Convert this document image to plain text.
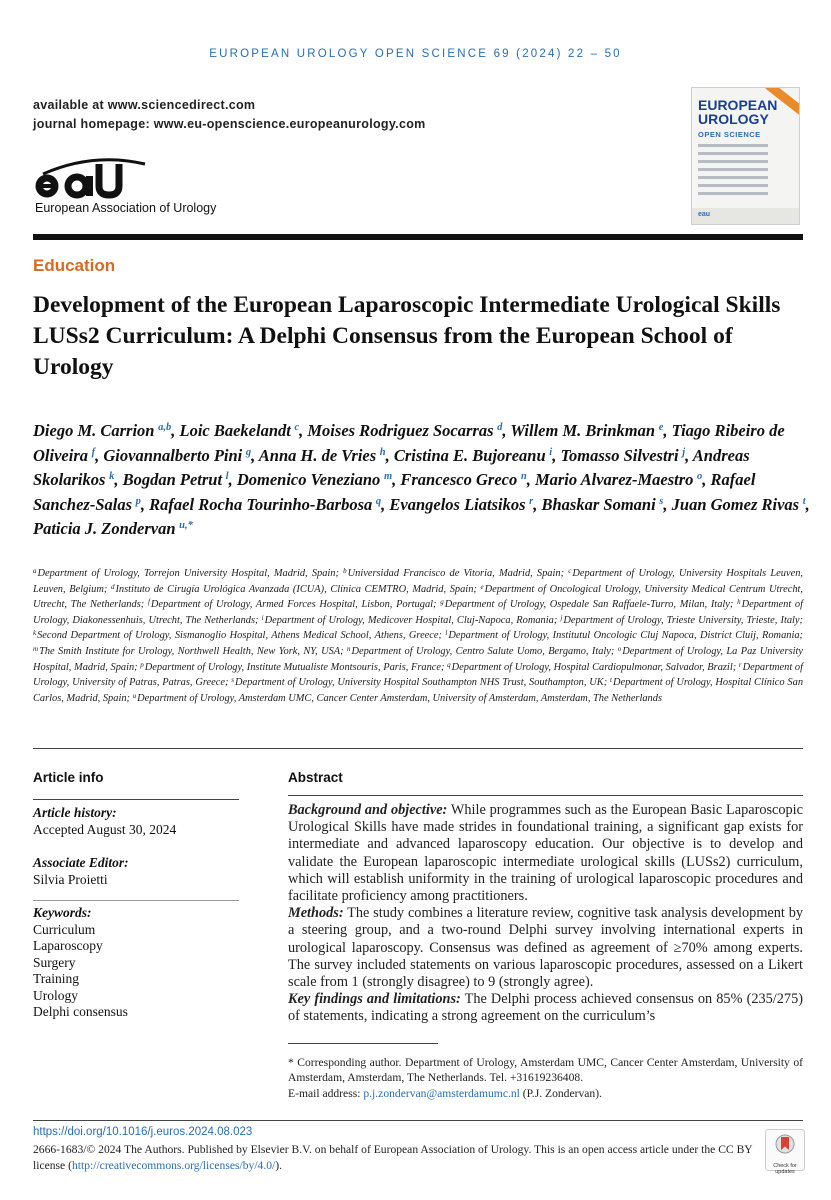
EUROPEAN UROLOGY OPEN SCIENCE 69 (2024) 22 – 50
available at www.sciencedirect.com
journal homepage: www.eu-openscience.europeanurology.com
European Association of Urology
EUROPEAN UROLOGY
OPEN SCIENCE
eau
Education
Development of the European Laparoscopic Intermediate Urological Skills LUSs2 Curriculum: A Delphi Consensus from the European School of Urology
Diego M. Carrion $^{a,b}$, Loic Baekelandt $^c$, Moises Rodriguez Socarras $^d$, Willem M. Brinkman $^e$, Tiago Ribeiro de Oliveira $^f$, Giovannalberto Pini $^g$, Anna H. de Vries $^h$, Cristina E. Bujoreanu $^i$, Tomasso Silvestri $^j$, Andreas Skolarikos $^k$, Bogdan Petrut $^l$, Domenico Veneziano $^m$, Francesco Greco $^n$, Mario Alvarez-Maestro $^o$, Rafael Sanchez-Salas $^p$, Rafael Rocha Tourinho-Barbosa $^q$, Evangelos Liatsikos $^r$, Bhaskar Somani $^s$, Juan Gomez Rivas $^t$, Paticia J. Zondervan $^{u,*}$
$^a$Department of Urology, Torrejon University Hospital, Madrid, Spain; $^b$Universidad Francisco de Vitoria, Madrid, Spain; $^c$Department of Urology, University Hospitals Leuven, Leuven, Belgium; $^d$Instituto de Cirugía Urológica Avanzada (ICUA), Clínica CEMTRO, Madrid, Spain; $^e$Department of Oncological Urology, University Medical Centrum Utrecht, Utrecht, The Netherlands; $^f$Department of Urology, Armed Forces Hospital, Lisbon, Portugal; $^g$Department of Urology, Ospedale San Raffaele-Turro, Milan, Italy; $^h$Department of Urology, Diakonessenhuis, Utrecht, The Netherlands; $^i$Department of Urology, Medicover Hospital, Cluj-Napoca, Romania; $^j$Department of Urology, Trieste University, Trieste, Italy; $^k$Second Department of Urology, Sismanoglio Hospital, Athens Medical School, Athens, Greece; $^l$Department of Urology, Institutul Oncologic Cluj Napoca, District Cluij, Romania; $^m$The Smith Institute for Urology, Northwell Health, New York, NY, USA; $^n$Department of Urology, Centro Salute Uomo, Bergamo, Italy; $^o$Department of Urology, La Paz University Hospital, Madrid, Spain; $^p$Department of Urology, Institute Mutualiste Montsouris, Paris, France; $^q$Department of Urology, Hospital Cardiopulmonar, Salvador, Brazil; $^r$Department of Urology, University of Patras, Patras, Greece; $^s$Department of Urology, University Hospital Southampton NHS Trust, Southampton, UK; $^t$Department of Urology, Hospital Clínico San Carlos, Madrid, Spain; $^u$Department of Urology, Amsterdam UMC, Cancer Center Amsterdam, University of Amsterdam, Amsterdam, The Netherlands
Article info
Article history:
Accepted August 30, 2024
Associate Editor:
Silvia Proietti
Keywords:
Curriculum
Laparoscopy
Surgery
Training
Urology
Delphi consensus
Abstract
Background and objective: While programmes such as the European Basic Laparoscopic Urological Skills have made strides in foundational training, a significant gap exists for intermediate and advanced laparoscopy education. Our objective is to develop and validate the European laparoscopic intermediate urological skills (LUSs2) curriculum, which will establish uniformity in the training of urological laparoscopic procedures and facilitate proficiency among practitioners.
Methods: The study combines a literature review, cognitive task analysis development by a steering group, and a two-round Delphi survey involving international experts in urological laparoscopy. Consensus was defined as agreement of ≥70% among experts. The survey included statements on various laparoscopic procedures, assessed on a Likert scale from 1 (strongly disagree) to 9 (strongly agree).
Key findings and limitations: The Delphi process achieved consensus on 85% (235/275) of statements, indicating a strong agreement on the curriculum’s
* Corresponding author. Department of Urology, Amsterdam UMC, Cancer Center Amsterdam, University of Amsterdam, Amsterdam, The Netherlands. Tel. +31619236408.
E-mail address: p.j.zondervan@amsterdamumc.nl (P.J. Zondervan).
https://doi.org/10.1016/j.euros.2024.08.023
2666-1683/© 2024 The Authors. Published by Elsevier B.V. on behalf of European Association of Urology. This is an open access article under the CC BY license (http://creativecommons.org/licenses/by/4.0/).	Check for updates
